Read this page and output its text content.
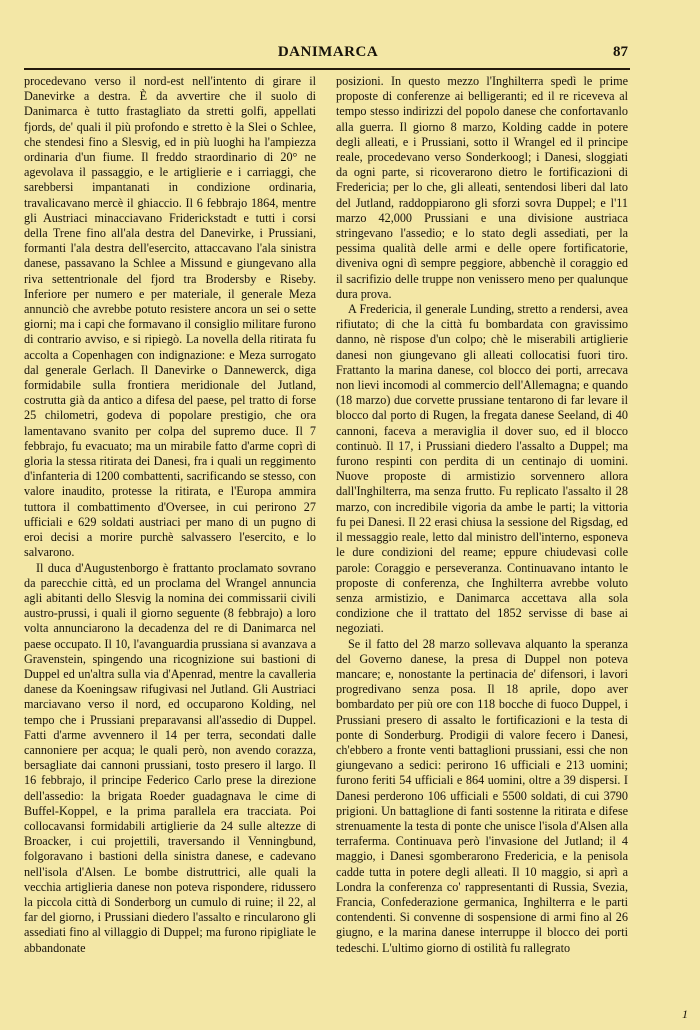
DANIMARCA	87

procedevano verso il nord-est nell'intento di girare il Danevirke a destra. È da avvertire che il suolo di Danimarca è tutto frastagliato da stretti golfi, appellati fjords, de' quali il più profondo e stretto è la Slei o Schlee, che stendesi fino a Slesvig, ed in più luoghi ha l'ampiezza ordinaria d'un fiume. Il freddo straordinario di 20° ne agevolava il passaggio, e le artiglierie e i carriaggi, che sarebbersi impantanati in condizione ordinaria, travalicavano mercè il ghiaccio. Il 6 febbrajo 1864, mentre gli Austriaci minacciavano Friderickstadt e tutti i corsi della Trene fino all'ala destra del Danevirke, i Prussiani, formanti l'ala destra dell'esercito, attaccavano l'ala sinistra danese, passavano la Schlee a Missund e giungevano alla riva settentrionale del fjord tra Brodersby e Riseby. Inferiore per numero e per materiale, il generale Meza annunciò che avrebbe potuto resistere ancora un sei o sette giorni; ma i capi che formavano il consiglio militare furono di contrario avviso, e si ripiegò. La novella della ritirata fu accolta a Copenhagen con indignazione: e Meza surrogato dal generale Gerlach. Il Danevirke o Dannewerck, diga formidabile sulla frontiera meridionale del Jutland, costrutta già da antico a difesa del paese, pel tratto di forse 25 chilometri, godeva di popolare prestigio, che ora lamentavano svanito per colpa del supremo duce. Il 7 febbrajo, fu evacuato; ma un mirabile fatto d'arme coprì di gloria la stessa ritirata dei Danesi, fra i quali un reggimento d'infanteria di 1200 combattenti, sacrificando se stesso, con valore inaudito, protesse la ritirata, e l'Europa ammira tuttora il combattimento d'Oversee, in cui perirono 27 ufficiali e 629 soldati austriaci per mano di un pugno di eroi decisi a morire purchè salvassero l'esercito, e lo salvarono.

Il duca d'Augustenborgo è frattanto proclamato sovrano da parecchie città, ed un proclama del Wrangel annuncia agli abitanti dello Slesvig la nomina dei commissarii civili austro-prussi, i quali il giorno seguente (8 febbrajo) a loro volta annunciarono la decadenza del re di Danimarca nel paese occupato. Il 10, l'avanguardia prussiana si avanzava a Gravenstein, spingendo una ricognizione sui bastioni di Duppel ed un'altra sulla via d'Apenrad, mentre la cavalleria danese da Koeningsaw rifugivasi nel Jutland. Gli Austriaci marciavano verso il nord, ed occuparono Kolding, nel tempo che i Prussiani preparavansi all'assedio di Duppel. Fatti d'arme avvennero il 14 per terra, secondati dalle cannoniere per acqua; le quali però, non avendo corazza, bersagliate dai cannoni prussiani, tosto presero il largo. Il 16 febbrajo, il principe Federico Carlo prese la direzione dell'assedio: la brigata Roeder guadagnava le cime di Buffel-Koppel, e la prima parallela era tracciata. Poi collocavansi formidabili artiglierie da 24 sulle altezze di Broacker, i cui projettili, traversando il Venningbund, folgoravano i bastioni della sinistra danese, e cadevano nell'isola d'Alsen. Le bombe distruttrici, alle quali la vecchia artiglieria danese non poteva rispondere, ridussero la piccola città di Sonderborg un cumulo di ruine; il 22, al far del giorno, i Prussiani diedero l'assalto e rincularono gli assediati fino al villaggio di Duppel; ma furono ripigliate le abbandonate

posizioni. In questo mezzo l'Inghilterra spedì le prime proposte di conferenze ai belligeranti; ed il re riceveva al tempo stesso indirizzi del popolo danese che confortavanlo alla guerra. Il giorno 8 marzo, Kolding cadde in potere degli alleati, e i Prussiani, sotto il Wrangel ed il principe reale, procedevano verso Sonderkoogl; i Danesi, sloggiati da ogni parte, si ricoverarono dietro le fortificazioni di Fredericia; per lo che, gli alleati, sentendosi liberi dal lato del Jutland, raddoppiarono gli sforzi sovra Duppel; e l'11 marzo 42,000 Prussiani e una divisione austriaca stringevano l'assedio; e lo stato degli assediati, per la pessima qualità delle armi e delle opere fortificatorie, diveniva ogni dì sempre peggiore, abbenchè il coraggio ed il sacrifizio delle truppe non venissero meno per qualunque dura prova.

A Fredericia, il generale Lunding, stretto a rendersi, avea rifiutato; di che la città fu bombardata con gravissimo danno, nè rispose d'un colpo; chè le miserabili artiglierie danesi non giungevano gli alleati collocatisi fuori tiro. Frattanto la marina danese, col blocco dei porti, arrecava non lievi incomodi al commercio dell'Allemagna; e quando (18 marzo) due corvette prussiane tentarono di far levare il blocco dal porto di Rugen, la fregata danese Seeland, di 40 cannoni, faceva a meraviglia il dover suo, ed il blocco continuò. Il 17, i Prussiani diedero l'assalto a Duppel; ma furono respinti con perdita di un centinajo di uomini. Nuove proposte di armistizio sorvennero allora dall'Inghilterra, ma senza frutto. Fu replicato l'assalto il 28 marzo, con incredibile vigoria da ambe le parti; la vittoria fu pei Danesi. Il 22 erasi chiusa la sessione del Rigsdag, ed il messaggio reale, letto dal ministro dell'interno, esponeva le dure condizioni del reame; eppure chiudevasi colle parole: Coraggio e perseveranza. Continuavano intanto le proposte di conferenza, che Inghilterra avrebbe voluto senza armistizio, e Danimarca accettava alla sola condizione che il trattato del 1852 servisse di base ai negoziati.

Se il fatto del 28 marzo sollevava alquanto la speranza del Governo danese, la presa di Duppel non poteva mancare; e, nonostante la pertinacia de' difensori, i lavori progredivano senza posa. Il 18 aprile, dopo aver bombardato per più ore con 118 bocche di fuoco Duppel, i Prussiani presero di assalto le fortificazioni e la testa di ponte di Sonderburg. Prodigii di valore fecero i Danesi, ch'ebbero a fronte venti battaglioni prussiani, essi che non giungevano a sedici: perirono 16 ufficiali e 213 uomini; furono feriti 54 ufficiali e 864 uomini, oltre a 39 dispersi. I Danesi perderono 106 ufficiali e 5500 soldati, di cui 3790 prigioni. Un battaglione di fanti sostenne la ritirata e difese strenuamente la testa di ponte che unisce l'isola d'Alsen alla terraferma. Continuava però l'invasione del Jutland; il 4 maggio, i Danesi sgomberarono Fredericia, e la penisola cadde tutta in potere degli alleati. Il 10 maggio, si aprì a Londra la conferenza co' rappresentanti di Russia, Svezia, Francia, Confederazione germanica, Inghilterra e le parti contendenti. Si convenne di sospensione di armi fino al 26 giugno, e la marina danese interruppe il blocco dei porti tedeschi. L'ultimo giorno di ostilità fu rallegrato

1
